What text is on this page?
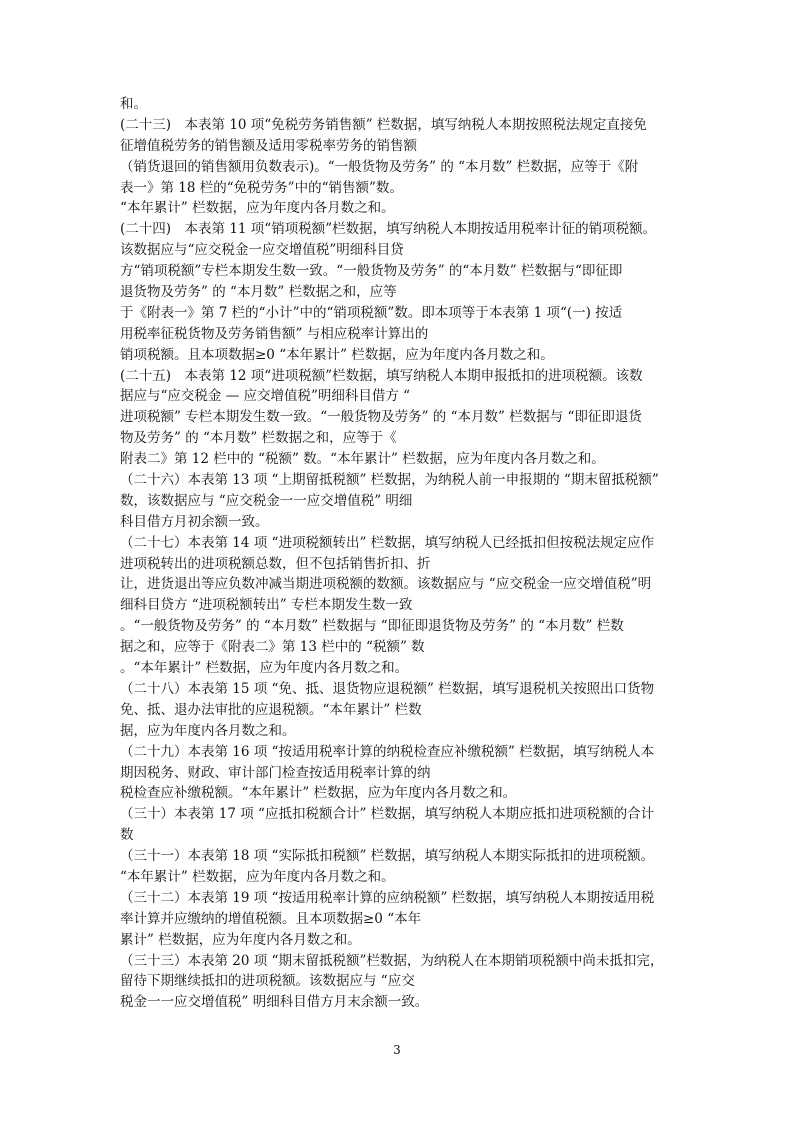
和。
(二十三)　本表第 10 项“免税劳务销售额” 栏数据，填写纳税人本期按照税法规定直接免
征增值税劳务的销售额及适用零税率劳务的销售额
（销货退回的销售额用负数表示)。“一般货物及劳务” 的 “本月数” 栏数据，应等于《附
表一》第 18 栏的“免税劳务”中的“销售额”数。
“本年累计” 栏数据，应为年度内各月数之和。
(二十四)　本表第 11 项“销项税额”栏数据，填写纳税人本期按适用税率计征的销项税额。
该数据应与“应交税金一应交增值税”明细科目贷
方“销项税额”专栏本期发生数一致。“一般货物及劳务” 的“本月数” 栏数据与“即征即
退货物及劳务” 的 “本月数” 栏数据之和，应等
于《附表一》第 7 栏的“小计”中的“销项税额”数。即本项等于本表第 1 项“(一) 按适
用税率征税货物及劳务销售额” 与相应税率计算出的
销项税额。且本项数据≥0 “本年累计” 栏数据，应为年度内各月数之和。
(二十五)　本表第 12 项“进项税额”栏数据，填写纳税人本期申报抵扣的进项税额。该数
据应与“应交税金 — 应交增值税”明细科目借方 “
进项税额” 专栏本期发生数一致。“一般货物及劳务” 的 “本月数” 栏数据与 “即征即退货
物及劳务” 的 “本月数” 栏数据之和，应等于《
附表二》第 12 栏中的 “税额” 数。“本年累计” 栏数据，应为年度内各月数之和。
（二十六）本表第 13 项 “上期留抵税额” 栏数据，为纳税人前一申报期的 “期末留抵税额”
数，该数据应与 “应交税金一一应交增值税” 明细
科目借方月初余额一致。
（二十七）本表第 14 项 “进项税额转出” 栏数据，填写纳税人已经抵扣但按税法规定应作
进项税转出的进项税额总数，但不包括销售折扣、折
让，进货退出等应负数冲减当期进项税额的数额。该数据应与 “应交税金一应交增值税”明
细科目贷方 “进项税额转出” 专栏本期发生数一致
。“一般货物及劳务” 的 “本月数” 栏数据与 “即征即退货物及劳务” 的 “本月数” 栏数
据之和，应等于《附表二》第 13 栏中的 “税额” 数
。“本年累计” 栏数据，应为年度内各月数之和。
（二十八）本表第 15 项 “免、抵、退货物应退税额” 栏数据，填写退税机关按照出口货物
免、抵、退办法审批的应退税额。“本年累计” 栏数
据，应为年度内各月数之和。
（二十九）本表第 16 项 “按适用税率计算的纳税检查应补缴税额” 栏数据，填写纳税人本
期因税务、财政、审计部门检查按适用税率计算的纳
税检查应补缴税额。“本年累计” 栏数据，应为年度内各月数之和。
（三十）本表第 17 项 “应抵扣税额合计” 栏数据，填写纳税人本期应抵扣进项税额的合计
数
（三十一）本表第 18 项 “实际抵扣税额” 栏数据，填写纳税人本期实际抵扣的进项税额。
“本年累计” 栏数据，应为年度内各月数之和。
（三十二）本表第 19 项 “按适用税率计算的应纳税额” 栏数据，填写纳税人本期按适用税
率计算并应缴纳的增值税额。且本项数据≥0 “本年
累计” 栏数据，应为年度内各月数之和。
（三十三）本表第 20 项 “期末留抵税额”栏数据，为纳税人在本期销项税额中尚未抵扣完，
留待下期继续抵扣的进项税额。该数据应与 “应交
税金一一应交增值税” 明细科目借方月末余额一致。
3
